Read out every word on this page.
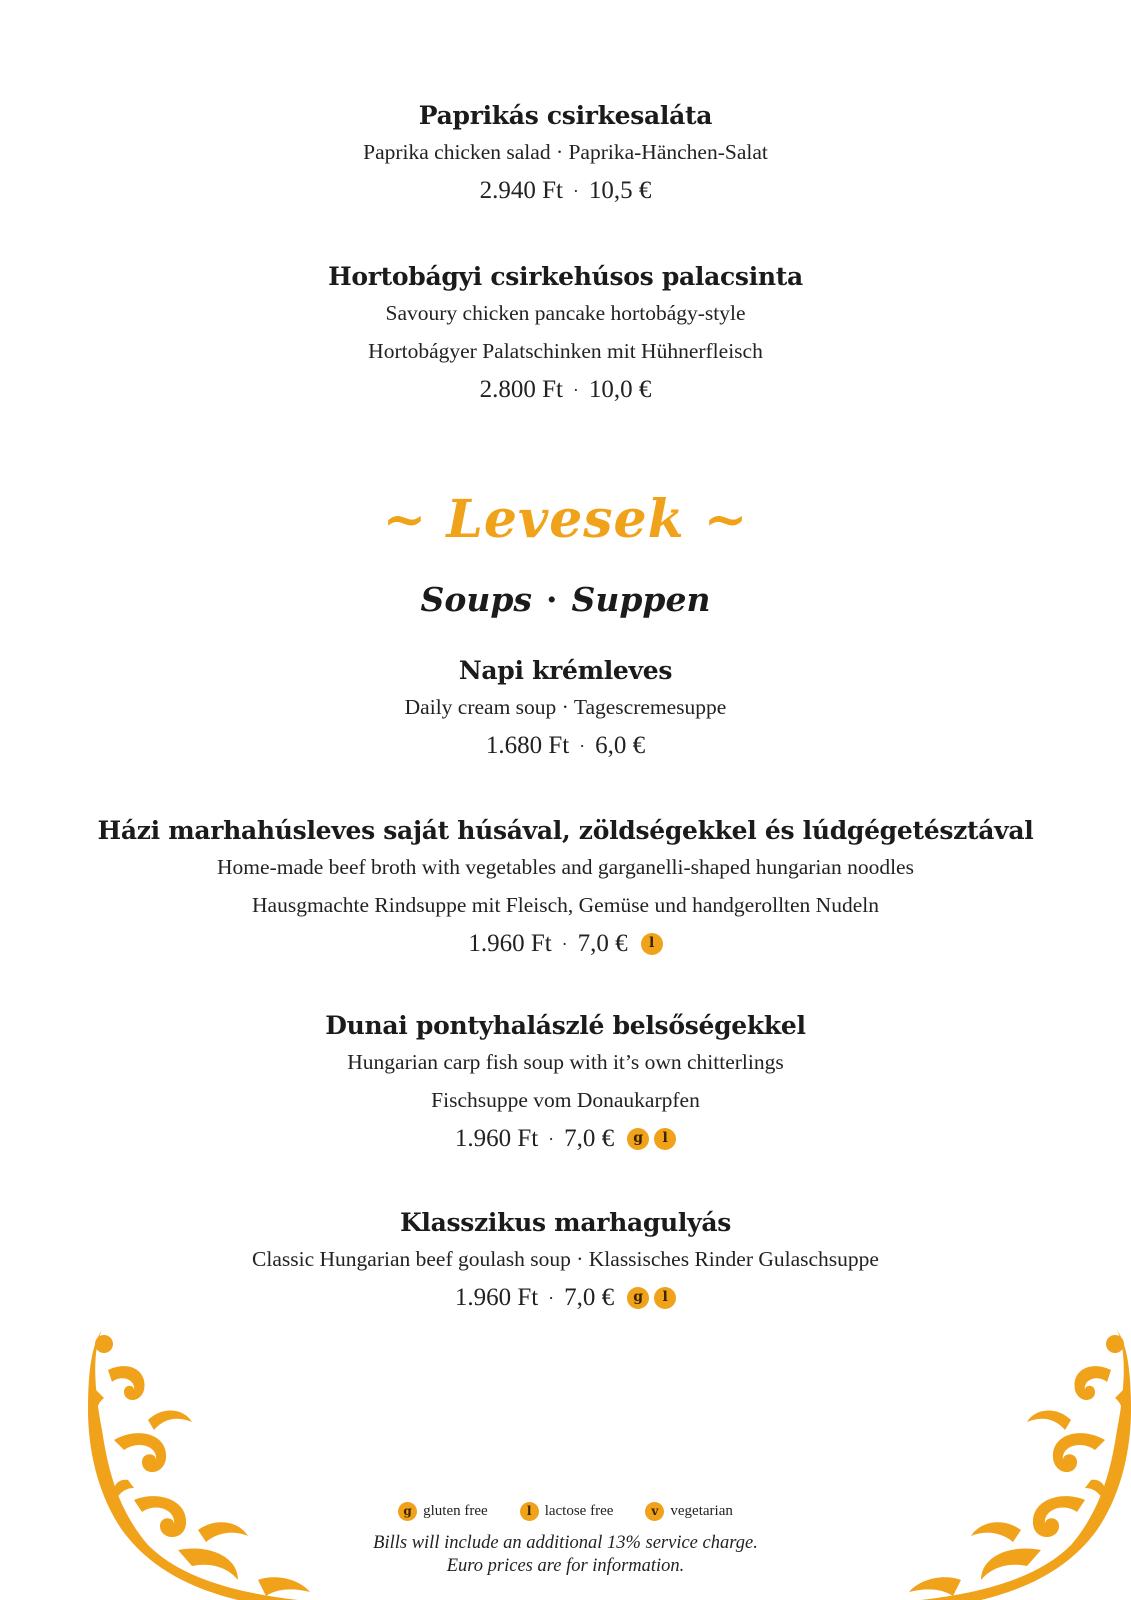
Paprikás csirkesaláta
Paprika chicken salad · Paprika-Hänchen-Salat
2.940 Ft · 10,5 €
Hortobágyi csirkehúsos palacsinta
Savoury chicken pancake hortobágy-style
Hortobágyer Palatschinken mit Hühnerfleisch
2.800 Ft · 10,0 €
~ Levesek ~
Soups · Suppen
Napi krémleves
Daily cream soup · Tagescremesuppe
1.680 Ft · 6,0 €
Házi marhahúsleves saját húsával, zöldségekkel és lúdgégetésztával
Home-made beef broth with vegetables and garganelli-shaped hungarian noodles
Hausgmachte Rindsuppe mit Fleisch, Gemüse und handgerollten Nudeln
1.960 Ft · 7,0 €	l
Dunai pontyhalászlé belsőségekkel
Hungarian carp fish soup with it’s own chitterlings
Fischsuppe vom Donaukarpfen
1.960 Ft · 7,0 €	g	l
Klasszikus marhagulyás
Classic Hungarian beef goulash soup · Klassisches Rinder Gulaschsuppe
1.960 Ft · 7,0 €	g	l
g gluten free	l lactose free	v vegetarian
Bills will include an additional 13% service charge.
Euro prices are for information.
